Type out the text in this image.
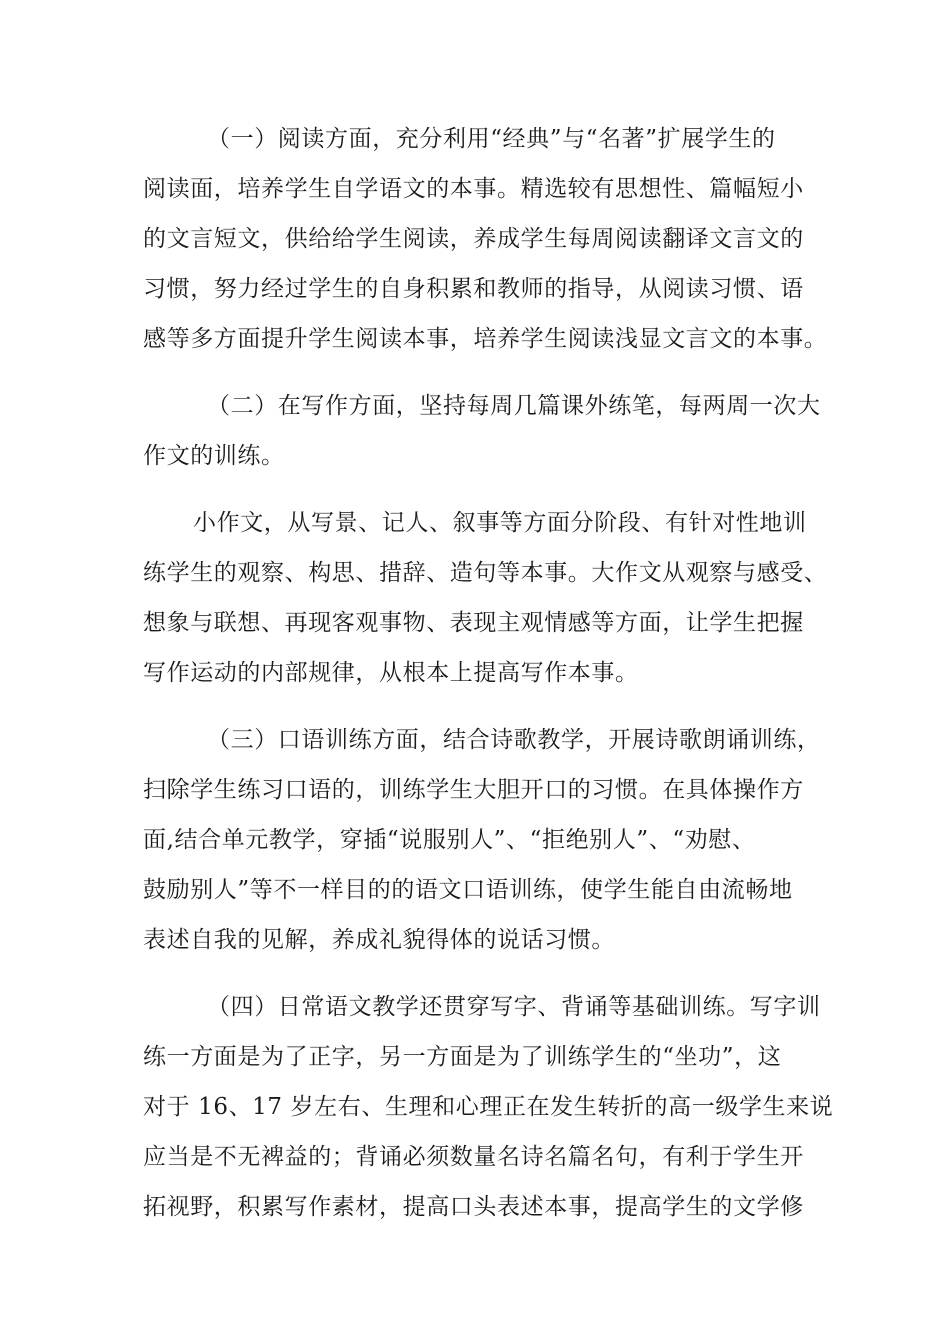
（一）阅读方面，充分利用“经典”与“名著”扩展学生的
阅读面，培养学生自学语文的本事。精选较有思想性、篇幅短小
的文言短文，供给给学生阅读，养成学生每周阅读翻译文言文的
习惯，努力经过学生的自身积累和教师的指导，从阅读习惯、语
感等多方面提升学生阅读本事，培养学生阅读浅显文言文的本事。
（二）在写作方面，坚持每周几篇课外练笔，每两周一次大
作文的训练。
小作文，从写景、记人、叙事等方面分阶段、有针对性地训
练学生的观察、构思、措辞、造句等本事。大作文从观察与感受、
想象与联想、再现客观事物、表现主观情感等方面，让学生把握
写作运动的内部规律，从根本上提高写作本事。
（三）口语训练方面，结合诗歌教学，开展诗歌朗诵训练，
扫除学生练习口语的，训练学生大胆开口的习惯。在具体操作方
面,结合单元教学，穿插“说服别人”、“拒绝别人”、“劝慰、
鼓励别人”等不一样目的的语文口语训练，使学生能自由流畅地
表述自我的见解，养成礼貌得体的说话习惯。
（四）日常语文教学还贯穿写字、背诵等基础训练。写字训
练一方面是为了正字，另一方面是为了训练学生的“坐功”，这
对于 16、17 岁左右、生理和心理正在发生转折的高一级学生来说
应当是不无裨益的；背诵必须数量名诗名篇名句，有利于学生开
拓视野，积累写作素材，提高口头表述本事，提高学生的文学修
